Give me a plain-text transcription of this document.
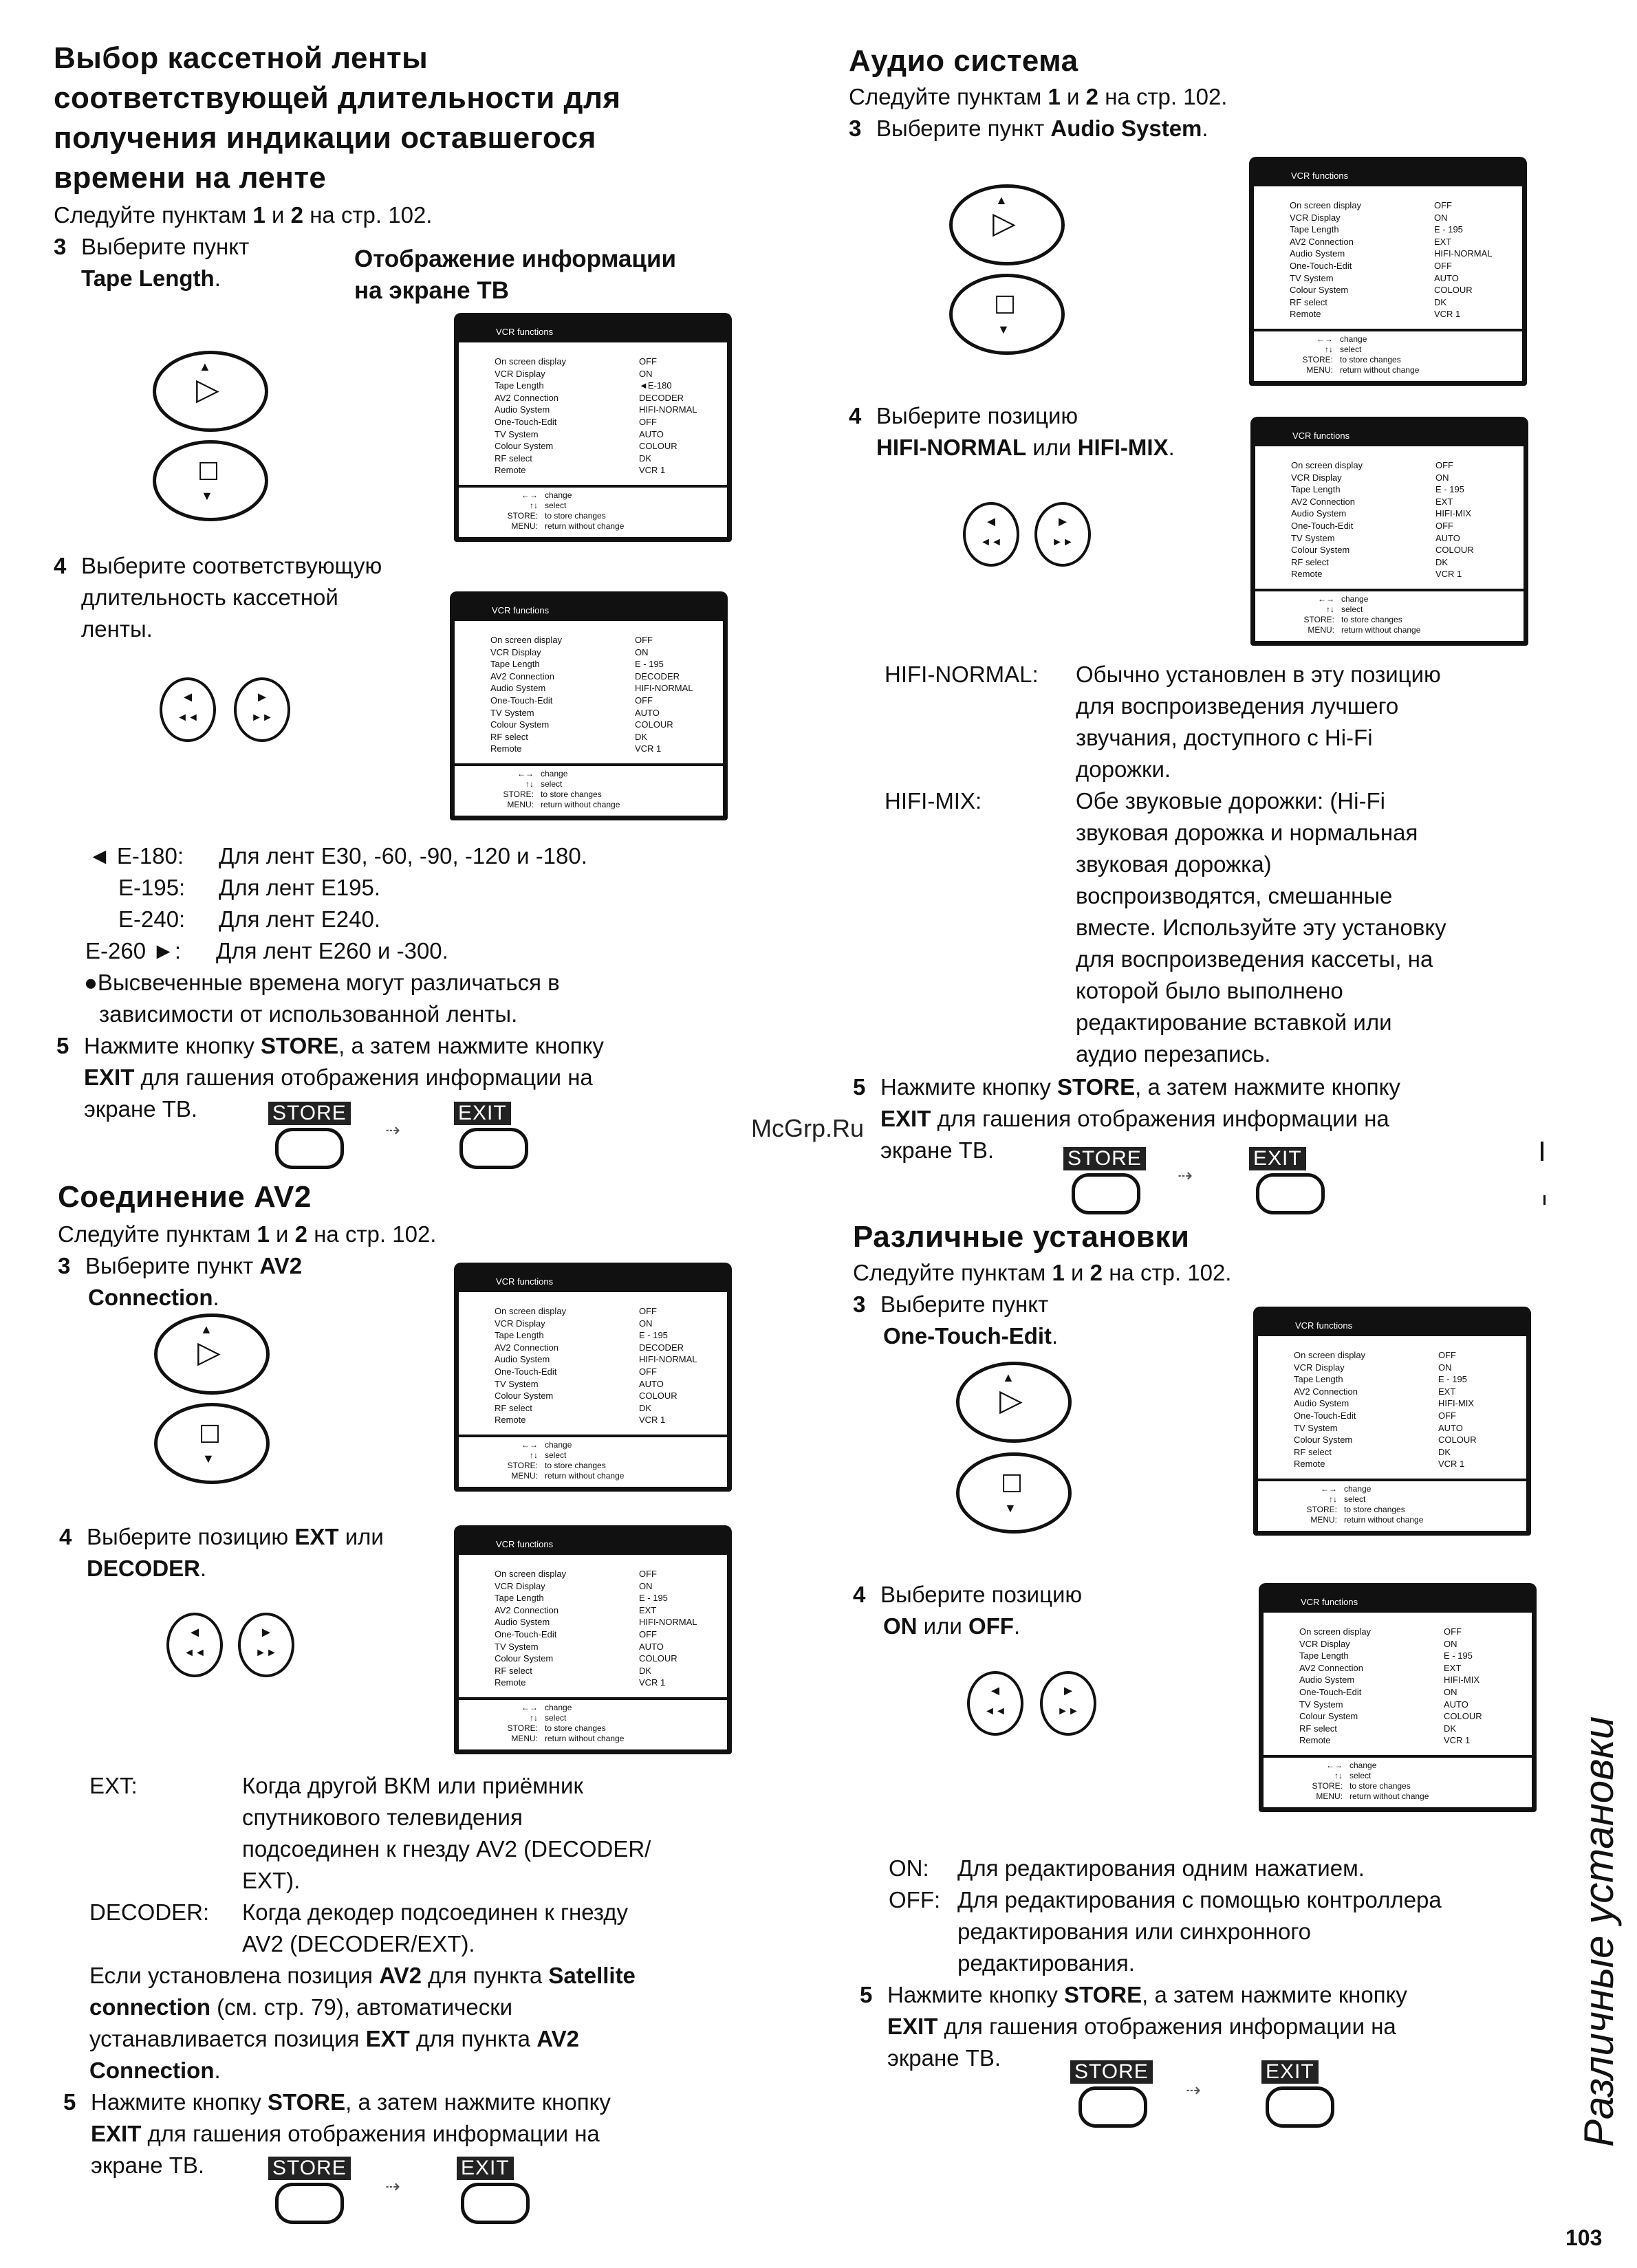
Выбор кассетной ленты
соответствующей длительности для
получения индикации оставшегося
времени на ленте
Следуйте пунктам 1 и 2 на стр. 102.
3 Выберите пункт
Tape Length.
Отображение информации
на экране ТВ
▲
▷
☐
▼
VCR functions
On screen display	OFF
VCR Display	ON
Tape Length	◄E-180
AV2 Connection	DECODER
Audio System	HIFI-NORMAL
One-Touch-Edit	OFF
TV System	AUTO
Colour System	COLOUR
RF select	DK
Remote	VCR 1
←→ change
↑↓ select
STORE: to store changes
MENU: return without change
4 Выберите соответствующую
длительность кассетной
ленты.
◄
◄◄
►
►►
VCR functions
On screen display	OFF
VCR Display	ON
Tape Length	E - 195
AV2 Connection	DECODER
Audio System	HIFI-NORMAL
One-Touch-Edit	OFF
TV System	AUTO
Colour System	COLOUR
RF select	DK
Remote	VCR 1
←→ change
↑↓ select
STORE: to store changes
MENU: return without change
◄ E-180:	Для лент E30, -60, -90, -120 и -180.
E-195:	Для лент E195.
E-240:	Для лент E240.
E-260 ►:	Для лент E260 и -300.
●Высвеченные времена могут различаться в
зависимости от использованной ленты.
5 Нажмите кнопку STORE, а затем нажмите кнопку
EXIT для гашения отображения информации на
экране ТВ.	STORE
⇢
EXIT
Соединение AV2
Следуйте пунктам 1 и 2 на стр. 102.
3 Выберите пункт AV2
Connection.
▲
▷
☐
▼
VCR functions
On screen display	OFF
VCR Display	ON
Tape Length	E - 195
AV2 Connection	DECODER
Audio System	HIFI-NORMAL
One-Touch-Edit	OFF
TV System	AUTO
Colour System	COLOUR
RF select	DK
Remote	VCR 1
←→ change
↑↓ select
STORE: to store changes
MENU: return without change
4 Выберите позицию EXT или
DECODER.
◄
◄◄
►
►►
VCR functions
On screen display	OFF
VCR Display	ON
Tape Length	E - 195
AV2 Connection	EXT
Audio System	HIFI-NORMAL
One-Touch-Edit	OFF
TV System	AUTO
Colour System	COLOUR
RF select	DK
Remote	VCR 1
←→ change
↑↓ select
STORE: to store changes
MENU: return without change
EXT:	Когда другой ВКМ или приёмник
спутникового телевидения
подсоединен к гнезду AV2 (DECODER/
EXT).
DECODER:	Когда декодер подсоединен к гнезду
AV2 (DECODER/EXT).
Если установлена позиция AV2 для пункта Satellite
connection (см. стр. 79), автоматически
устанавливается позиция EXT для пункта AV2
Connection.
5 Нажмите кнопку STORE, а затем нажмите кнопку
EXIT для гашения отображения информации на
экране ТВ.	STORE
⇢
EXIT
Аудио система
Следуйте пунктам 1 и 2 на стр. 102.
3 Выберите пункт Audio System.
▲
▷
☐
▼
VCR functions
On screen display	OFF
VCR Display	ON
Tape Length	E - 195
AV2 Connection	EXT
Audio System	HIFI-NORMAL
One-Touch-Edit	OFF
TV System	AUTO
Colour System	COLOUR
RF select	DK
Remote	VCR 1
←→ change
↑↓ select
STORE: to store changes
MENU: return without change
4 Выберите позицию
HIFI-NORMAL или HIFI-MIX.
◄
◄◄
►
►►
VCR functions
On screen display	OFF
VCR Display	ON
Tape Length	E - 195
AV2 Connection	EXT
Audio System	HIFI-MIX
One-Touch-Edit	OFF
TV System	AUTO
Colour System	COLOUR
RF select	DK
Remote	VCR 1
←→ change
↑↓ select
STORE: to store changes
MENU: return without change
HIFI-NORMAL:	Обычно установлен в эту позицию
для воспроизведения лучшего
звучания, доступного с Hi-Fi
дорожки.
HIFI-MIX:	Обе звуковые дорожки: (Hi-Fi
звуковая дорожка и нормальная
звуковая дорожка)
воспроизводятся, смешанные
вместе. Используйте эту установку
для воспроизведения кассеты, на
которой было выполнено
редактирование вставкой или
аудио перезапись.
5 Нажмите кнопку STORE, а затем нажмите кнопку
EXIT для гашения отображения информации на
экране ТВ.
McGrp.Ru
STORE
⇢
EXIT
Различные установки
Следуйте пунктам 1 и 2 на стр. 102.
3 Выберите пункт
One-Touch-Edit.
▲
▷
☐
▼
VCR functions
On screen display	OFF
VCR Display	ON
Tape Length	E - 195
AV2 Connection	EXT
Audio System	HIFI-MIX
One-Touch-Edit	OFF
TV System	AUTO
Colour System	COLOUR
RF select	DK
Remote	VCR 1
←→ change
↑↓ select
STORE: to store changes
MENU: return without change
4 Выберите позицию
ON или OFF.
◄
◄◄
►
►►
VCR functions
On screen display	OFF
VCR Display	ON
Tape Length	E - 195
AV2 Connection	EXT
Audio System	HIFI-MIX
One-Touch-Edit	ON
TV System	AUTO
Colour System	COLOUR
RF select	DK
Remote	VCR 1
←→ change
↑↓ select
STORE: to store changes
MENU: return without change
ON:	Для редактирования одним нажатием.
OFF: Для редактирования с помощью контроллера
редактирования или синхронного
редактирования.
5 Нажмите кнопку STORE, а затем нажмите кнопку
EXIT для гашения отображения информации на
экране ТВ.
STORE
⇢
EXIT	Различные установки
103
